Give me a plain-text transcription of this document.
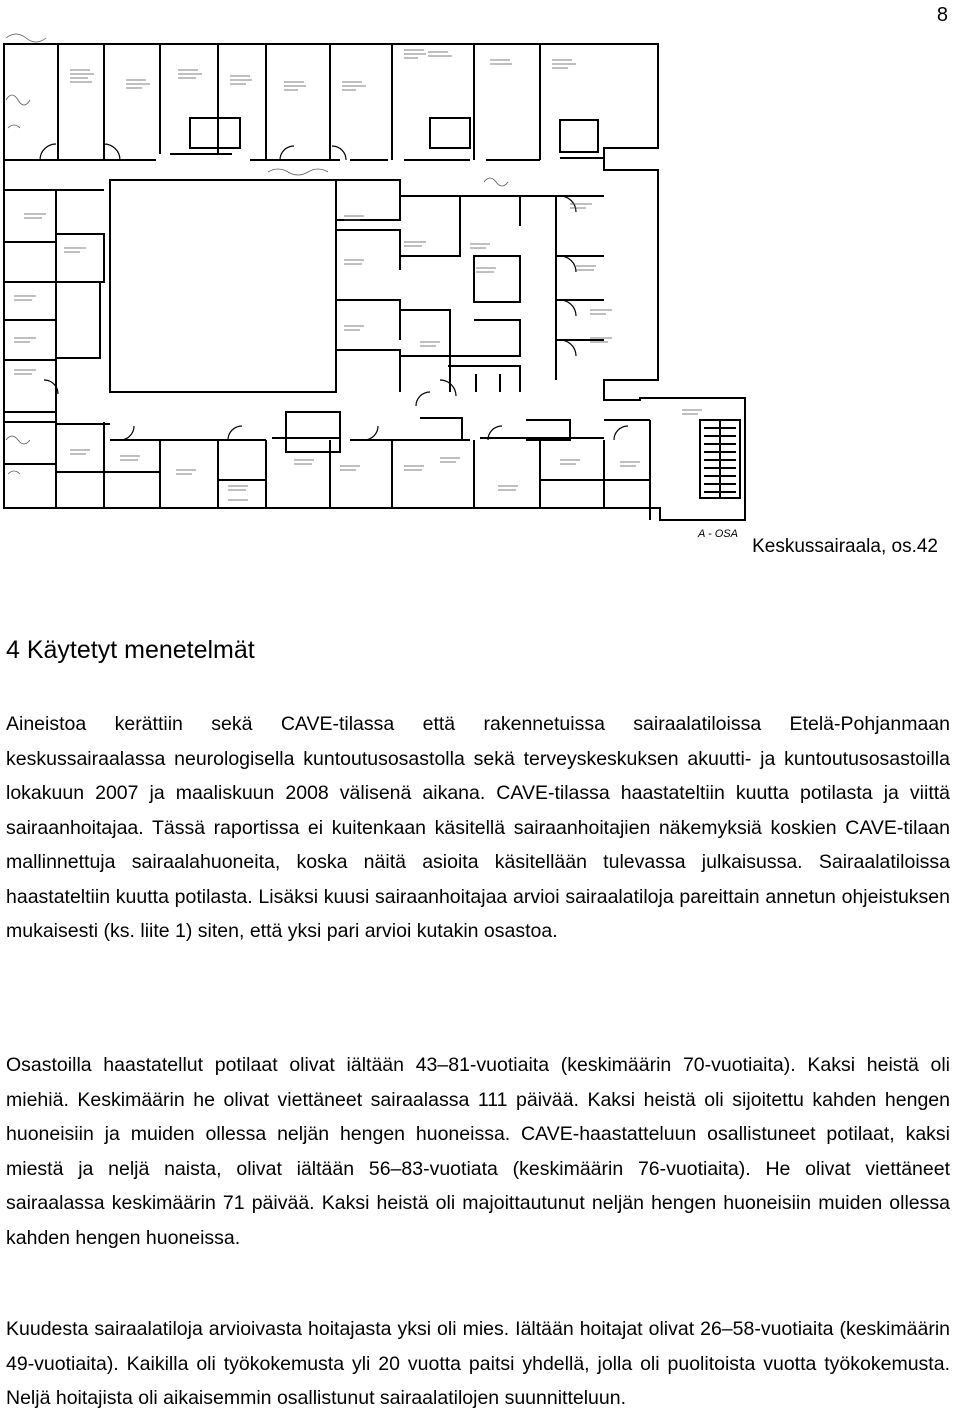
8
A - OSA
Keskussairaala, os.42
4 Käytetyt menetelmät

Aineistoa kerättiin sekä CAVE-tilassa että rakennetuissa sairaalatiloissa Etelä-Pohjanmaan keskussairaalassa neurologisella kuntoutusosastolla sekä terveyskeskuksen akuutti- ja kuntoutusosastoilla lokakuun 2007 ja maaliskuun 2008 välisenä aikana. CAVE-tilassa haastateltiin kuutta potilasta ja viittä sairaanhoitajaa. Tässä raportissa ei kuitenkaan käsitellä sairaanhoitajien näkemyksiä koskien CAVE-tilaan mallinnettuja sairaalahuoneita, koska näitä asioita käsitellään tulevassa julkaisussa. Sairaalatiloissa haastateltiin kuutta potilasta. Lisäksi kuusi sairaanhoitajaa arvioi sairaalatiloja pareittain annetun ohjeistuksen mukaisesti (ks. liite 1) siten, että yksi pari arvioi kutakin osastoa.

Osastoilla haastatellut potilaat olivat iältään 43–81-vuotiaita (keskimäärin 70-vuotiaita). Kaksi heistä oli miehiä. Keskimäärin he olivat viettäneet sairaalassa 111 päivää. Kaksi heistä oli sijoitettu kahden hengen huoneisiin ja muiden ollessa neljän hengen huoneissa. CAVE-haastatteluun osallistuneet potilaat, kaksi miestä ja neljä naista, olivat iältään 56–83-vuotiata (keskimäärin 76-vuotiaita). He olivat viettäneet sairaalassa keskimäärin 71 päivää. Kaksi heistä oli majoittautunut neljän hengen huoneisiin muiden ollessa kahden hengen huoneissa.

Kuudesta sairaalatiloja arvioivasta hoitajasta yksi oli mies. Iältään hoitajat olivat 26–58-vuotiaita (keskimäärin 49-vuotiaita). Kaikilla oli työkokemusta yli 20 vuotta paitsi yhdellä, jolla oli puolitoista vuotta työkokemusta. Neljä hoitajista oli aikaisemmin osallistunut sairaalatilojen suunnitteluun.
